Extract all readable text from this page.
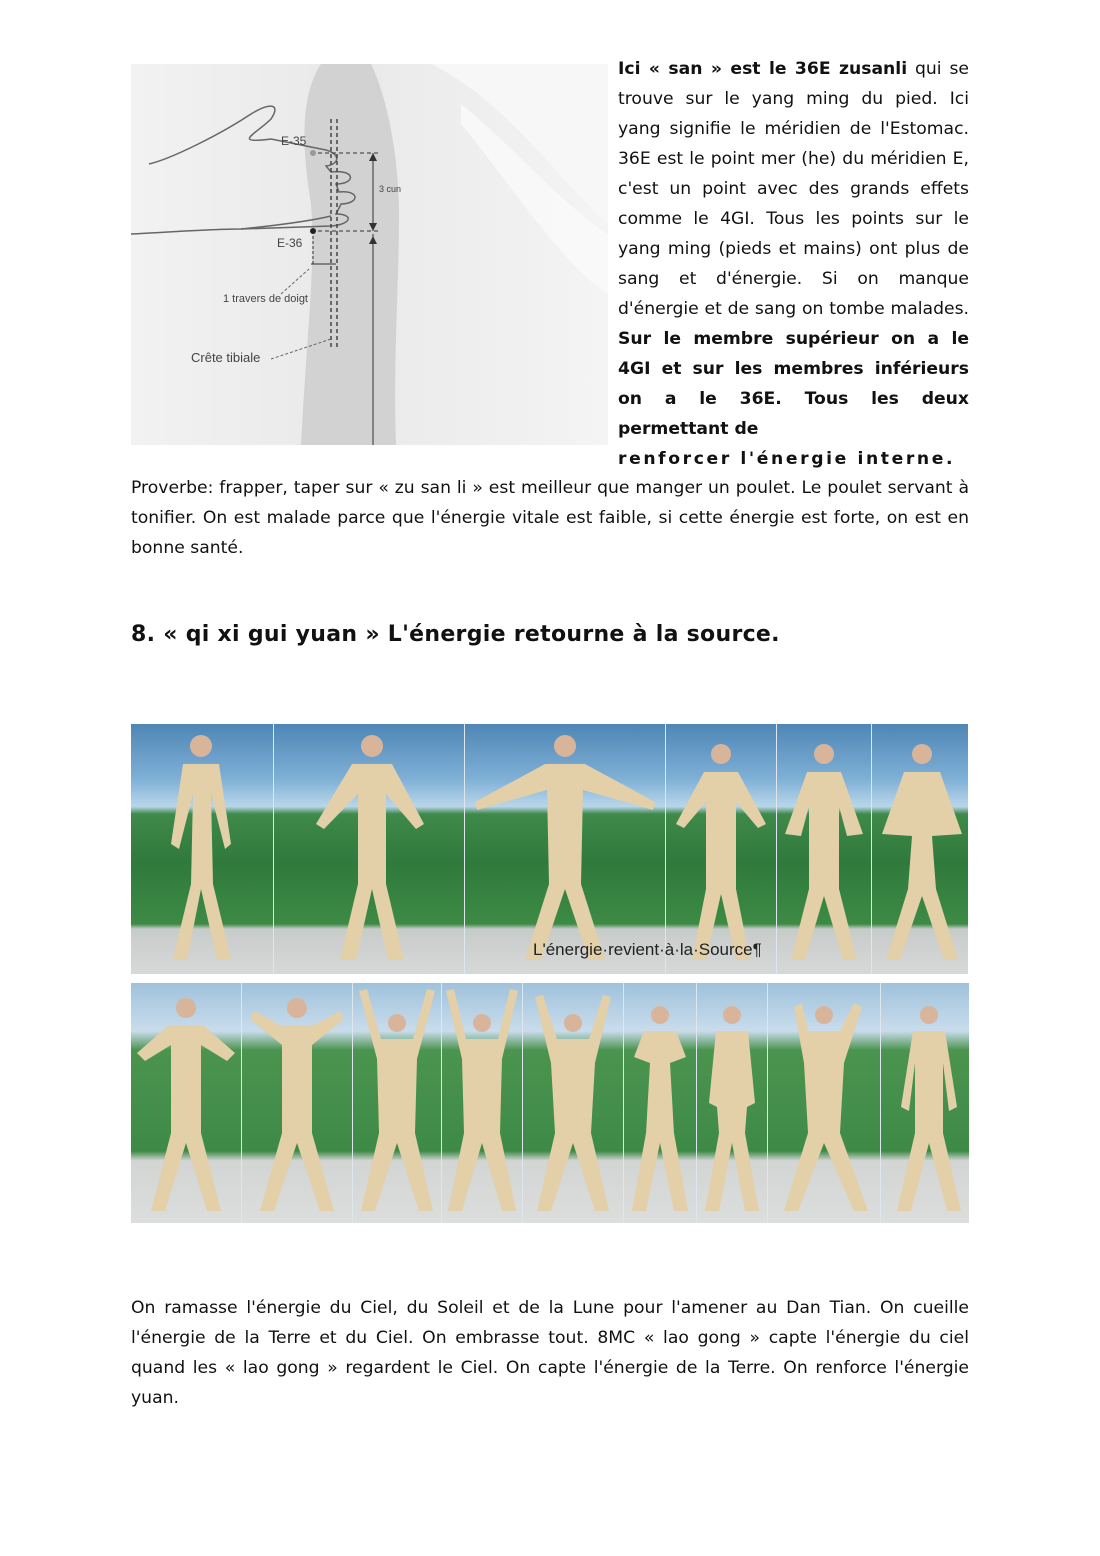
E-35
E-36
3 cun
1 travers de doigt
Crête tibiale

Ici « san » est le 36E zusanli qui se trouve sur le yang ming du pied. Ici yang signifie le méridien de l'Estomac. 36E est le point mer (he) du méridien E, c'est un point avec des grands effets comme le 4GI. Tous les points sur le yang ming (pieds et mains) ont plus de sang et d'énergie. Si on manque d'énergie et de sang on tombe malades. Sur le membre supérieur on a le 4GI et sur les membres inférieurs on a le 36E. Tous les deux permettant de
renforcer l'énergie interne.

Proverbe: frapper, taper sur « zu san li » est meilleur que manger un poulet. Le poulet servant à tonifier. On est malade parce que l'énergie vitale est faible, si cette énergie est forte, on est en bonne santé.

8. « qi xi gui yuan » L'énergie retourne à la source.
L'énergie·revient·à·la·Source¶

On ramasse l'énergie du Ciel, du Soleil et de la Lune pour l'amener au Dan Tian. On cueille l'énergie de la Terre et du Ciel. On embrasse tout. 8MC « lao gong » capte l'énergie du ciel quand les « lao gong » regardent le Ciel. On capte l'énergie de la Terre. On renforce l'énergie yuan.
